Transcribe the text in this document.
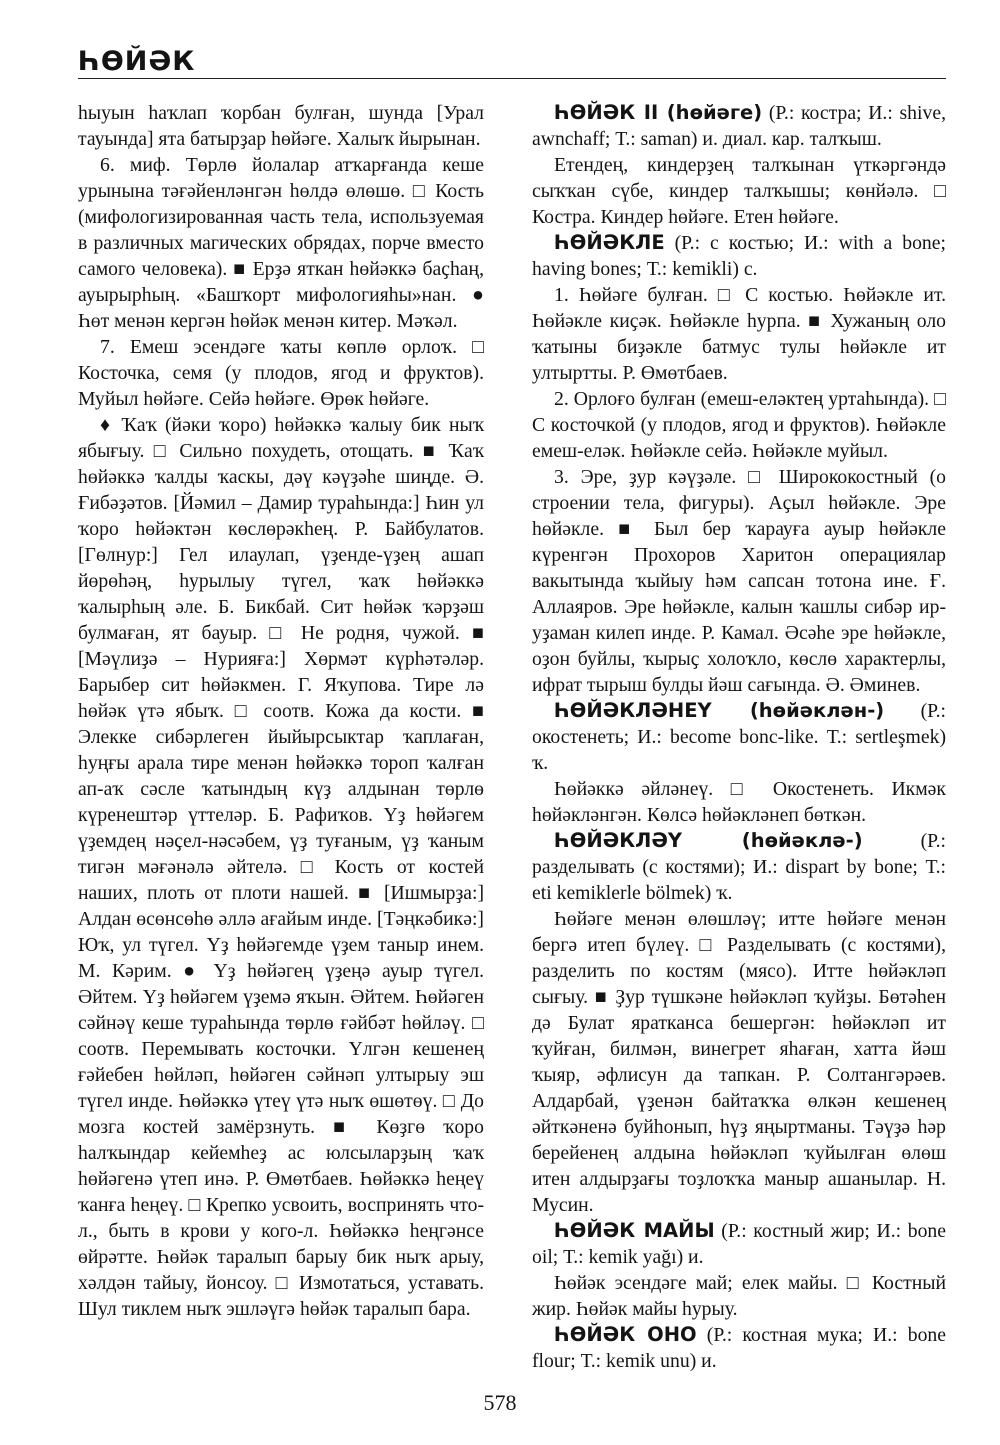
ҺӨЙӘК

һыуын һаҡлап ҡорбан булған, шунда [Урал тауында] ята батырҙар һөйәге. Халыҡ йырынан.

6. миф. Төрлө йолалар атҡарғанда кеше урынына тәғәйенләнгән һөлдә өлөшө. □ Кость (мифологизированная часть тела, используемая в различных магических обрядах, порче вместо самого человека). ■ Ерҙә яткан һөйәккә баҫһаң, ауырырһың. «Башҡорт мифологияһы»нан. ● Һөт менән кергән һөйәк менән китер. Мәҡәл.

7. Емеш эсендәге ҡаты көплө орлоҡ. □ Косточка, семя (у плодов, ягод и фруктов). Муйыл һөйәге. Сейә һөйәге. Өрөк һөйәге.

♦ Ҡаҡ (йәки ҡоро) һөйәккә ҡалыу бик ныҡ ябығыу. □ Сильно похудеть, отощать. ■ Ҡаҡ һөйәккә ҡалды ҡаскы, дәү кәүҙәһе шиңде. Ә. Ғибәҙәтов. [Йәмил – Дамир тураһында:] Һин ул ҡоро һөйәктән көслөрәкһең. Р. Байбулатов. [Гөлнур:] Гел илаулап, үҙенде-үҙең ашап йөрөһәң, һурылыу түгел, ҡаҡ һөйәккә ҡалырһың әле. Б. Бикбай. Сит һөйәк ҡәрҙәш булмаған, ят бауыр. □ Не родня, чужой. ■ [Мәүлиҙә – Нурияға:] Хөрмәт күрһәтәләр. Барыбер сит һөйәкмен. Г. Яҡупова. Тире лә һөйәк үтә ябыҡ. □ соотв. Кожа да кости. ■ Элекке сибәрлеген йыйырсыктар ҡаплаған, һуңғы арала тире менән һөйәккә тороп ҡалған ап-аҡ сәсле ҡатындың күҙ алдынан төрлө күренештәр үттеләр. Б. Рафиҡов. Үҙ һөйәгем үҙемдең нәҫел-нәсәбем, үҙ туғаным, үҙ ҡаным тигән мәғәнәлә әйтелә. □ Кость от костей наших, плоть от плоти нашей. ■ [Ишмырҙа:] Алдан өсөнсөһө әллә ағайым инде. [Тәңкәбикә:] Юҡ, ул түгел. Үҙ һөйәгемде үҙем таныр инем. М. Кәрим. ● Үҙ һөйәгең үҙеңә ауыр түгел. Әйтем. Үҙ һөйәгем үҙемә яҡын. Әйтем. Һөйәген сәйнәү кеше тураһында төрлө ғәйбәт һөйләү. □ соотв. Перемывать косточки. Үлгән кешенең ғәйебен һөйләп, һөйәген сәйнәп ултырыу эш түгел инде. Һөйәккә үтеү үтә ныҡ өшөтөү. □ До мозга костей замёрзнуть. ■ Көҙгө ҡоро һалҡындар кейемһеҙ ас юлсыларҙың ҡаҡ һөйәгенә үтеп инә. Р. Өмөтбаев. Һөйәккә һеңеү ҡанға һеңеү. □ Крепко усвоить, воспринять что-л., быть в крови у кого-л. Һөйәккә һеңгәнсе өйрәтте. Һөйәк таралып барыу бик ныҡ арыу, хәлдән тайыу, йонсоу. □ Измотаться, уставать. Шул тиклем ныҡ эшләүгә һөйәк таралып бара.

ҺӨЙӘК II (һөйәге) (Р.: кострa; И.: shive, awnchaff; Т.: saman) и. диал. кар. талҡыш.

Етендең, киндерҙең талҡынан үткәргәндә сыҡҡан сүбе, киндер талҡышы; көнйәлә. □ Костра. Киндер һөйәге. Етен һөйәге.

ҺӨЙӘКЛЕ (Р.: с костью; И.: with a bone; having bones; Т.: kemikli) с.

1. Һөйәге булған. □ С костью. Һөйәкле ит. Һөйәкле киҫәк. Һөйәкле һурпа. ■ Хужаның оло ҡатыны биҙәкле батмус тулы һөйәкле ит ултыртты. Р. Өмөтбаев.

2. Орлоғо булған (емеш-еләктең уртаһында). □ С косточкой (у плодов, ягод и фруктов). Һөйәкле емеш-еләк. Һөйәкле сейә. Һөйәкле муйыл.

3. Эре, ҙур кәүҙәле. □ Ширококостный (о строении тела, фигуры). Аҫыл һөйәкле. Эре һөйәкле. ■ Был бер ҡарауға ауыр һөйәкле күренгән Прохоров Харитон операциялар вакытында ҡыйыу һәм сапсан тотона ине. Ғ. Аллаяров. Эре һөйәкле, калын ҡашлы сибәр ир-уҙаман килеп инде. Р. Камал. Әсәһе эре һөйәкле, оҙон буйлы, ҡырыҫ холоҡло, көслө характерлы, ифрат тырыш булды йәш сағында. Ә. Әминев.

ҺӨЙӘКЛӘНЕҮ (һөйәклән-) (Р.: окостенеть; И.: become bonc-like. Т.: sertleşmek) ҡ.

Һөйәккә әйләнеү. □ Окостенеть. Икмәк һөйәкләнгән. Көлсә һөйәкләнеп бөткән.

ҺӨЙӘКЛӘҮ (һөйәклә-)	(Р.: разделывать (с костями); И.: dispart by bone; Т.: eti kemiklerle bölmek) ҡ.

Һөйәге менән өлөшләү; итте һөйәге менән бергә итеп бүлеү. □ Разделывать (с костями), разделить по костям (мясо). Итте һөйәкләп сығыу. ■ Ҙур түшкәне һөйәкләп ҡуйҙы. Бөтәһен дә Булат яратканса бешергән: һөйәкләп ит ҡуйған, билмән, винегрет яһаған, хатта йәш ҡыяр, әфлисун да тапкан. Р. Солтангәрәев. Алдарбай, үҙенән байтаҡҡа өлкән кешенең әйткәненә буйһонып, һүҙ яңыртманы. Тәүҙә һәр берейенең алдына һөйәкләп ҡуйылған өлөш итен алдырҙағы тоҙлоҡҡа маныр ашанылар. Н. Мусин.

ҺӨЙӘК МАЙЫ (Р.: костный жир; И.: bone oil; Т.: kemik yağı) и.

Һөйәк эсендәге май; елек майы. □ Костный жир. Һөйәк майы һурыу.

ҺӨЙӘК ОНО (Р.: костная мука; И.: bone flour; Т.: kemik unu) и.

578
